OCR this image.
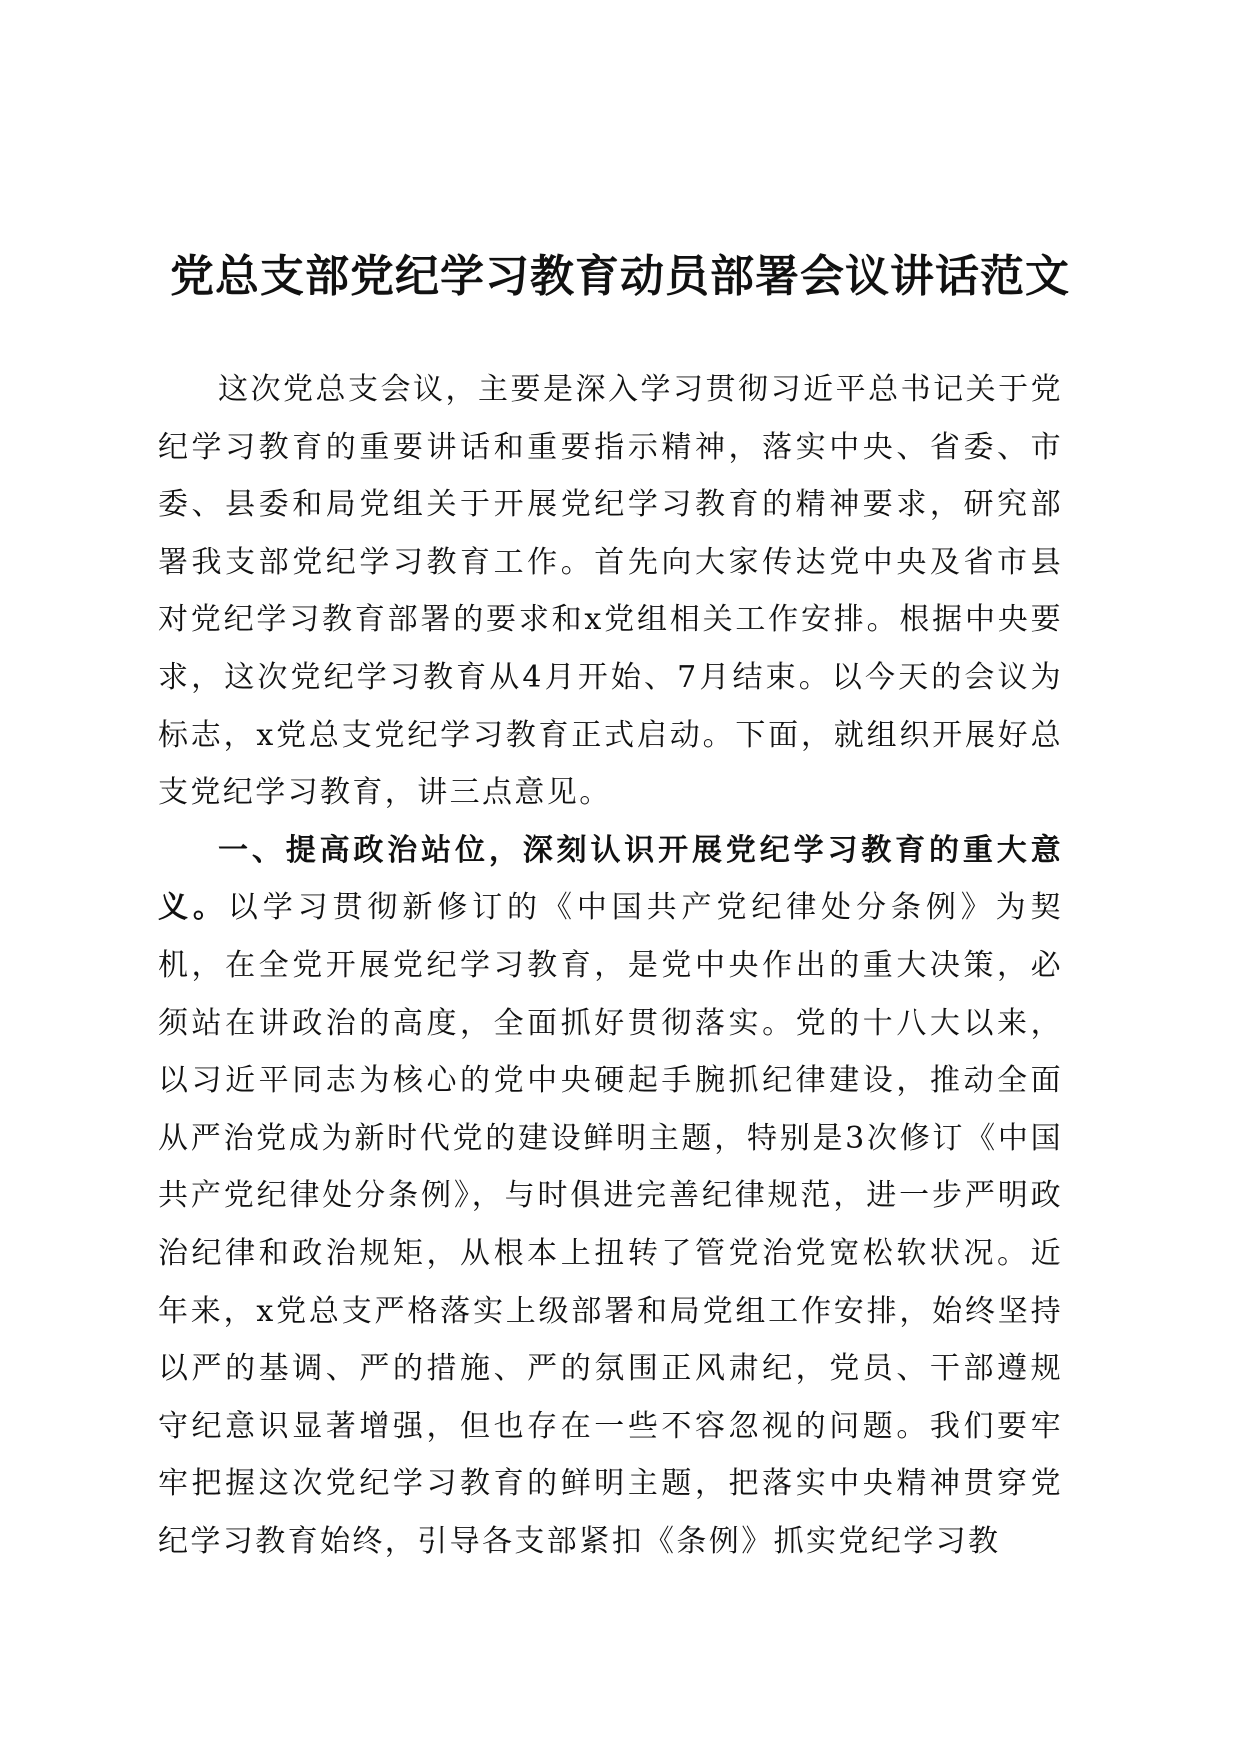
党总支部党纪学习教育动员部署会议讲话范文

这次党总支会议，主要是深入学习贯彻习近平总书记关于党纪学习教育的重要讲话和重要指示精神，落实中央、省委、市委、县委和局党组关于开展党纪学习教育的精神要求，研究部署我支部党纪学习教育工作。首先向大家传达党中央及省市县对党纪学习教育部署的要求和x党组相关工作安排。根据中央要求，这次党纪学习教育从4月开始、7月结束。以今天的会议为标志，x党总支党纪学习教育正式启动。下面，就组织开展好总支党纪学习教育，讲三点意见。

一、提高政治站位，深刻认识开展党纪学习教育的重大意义。以学习贯彻新修订的《中国共产党纪律处分条例》为契机，在全党开展党纪学习教育，是党中央作出的重大决策，必须站在讲政治的高度，全面抓好贯彻落实。党的十八大以来，以习近平同志为核心的党中央硬起手腕抓纪律建设，推动全面从严治党成为新时代党的建设鲜明主题，特别是3次修订《中国共产党纪律处分条例》，与时俱进完善纪律规范，进一步严明政治纪律和政治规矩，从根本上扭转了管党治党宽松软状况。近年来，x党总支严格落实上级部署和局党组工作安排，始终坚持以严的基调、严的措施、严的氛围正风肃纪，党员、干部遵规守纪意识显著增强，但也存在一些不容忽视的问题。我们要牢牢把握这次党纪学习教育的鲜明主题，把落实中央精神贯穿党纪学习教育始终，引导各支部紧扣《条例》抓实党纪学习教
